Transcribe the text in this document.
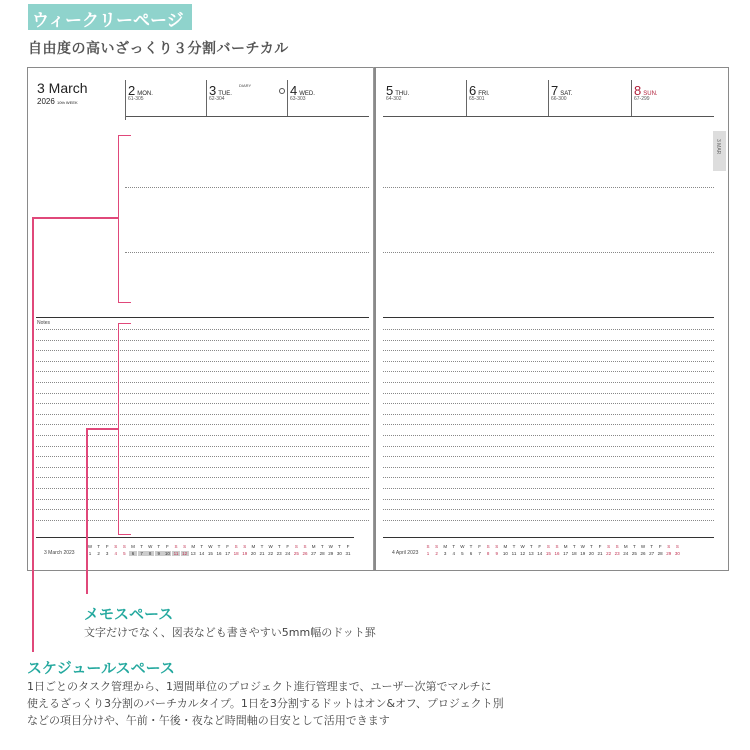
ウィークリーページ
自由度の高いざっくり３分割バーチカル
3 March
2026 10th WEEK
2 MON.
61-305
3 TUE.
62-304
DIARY	4 WED.
63-303
5 THU.
64-302
6 FRI.
65-301
7 SAT.
66-300
8 SUN.
67-299
3 MAR
Notes
3 March 2023	4 April 2023
W
1
T
2
F
3
S
4
S
5
M
6
T
7
W
8
T
9
F
10
S
11
S
12
M
13
T
14
W
15
T
16
F
17
S
18
S
19
M
20
T
21
W
22
T
23
F
24
S
25
S
26
M
27
T
28
W
29
T
30
F
31
S
1
S
2
M
3
T
4
W
5
T
6
F
7
S
8
S
9
M
10
T
11
W
12
T
13
F
14
S
15
S
16
M
17
T
18
W
19
T
20
F
21
S
22
S
23
M
24
T
25
W
26
T
27
F
28
S
29
S
30
メモスペース
文字だけでなく、図表なども書きやすい5mm幅のドット罫
スケジュールスペース
1日ごとのタスク管理から、1週間単位のプロジェクト進行管理まで、ユーザー次第でマルチに
使えるざっくり3分割のバーチカルタイプ。1日を3分割するドットはオン&オフ、プロジェクト別
などの項目分けや、午前・午後・夜など時間軸の目安として活用できます
